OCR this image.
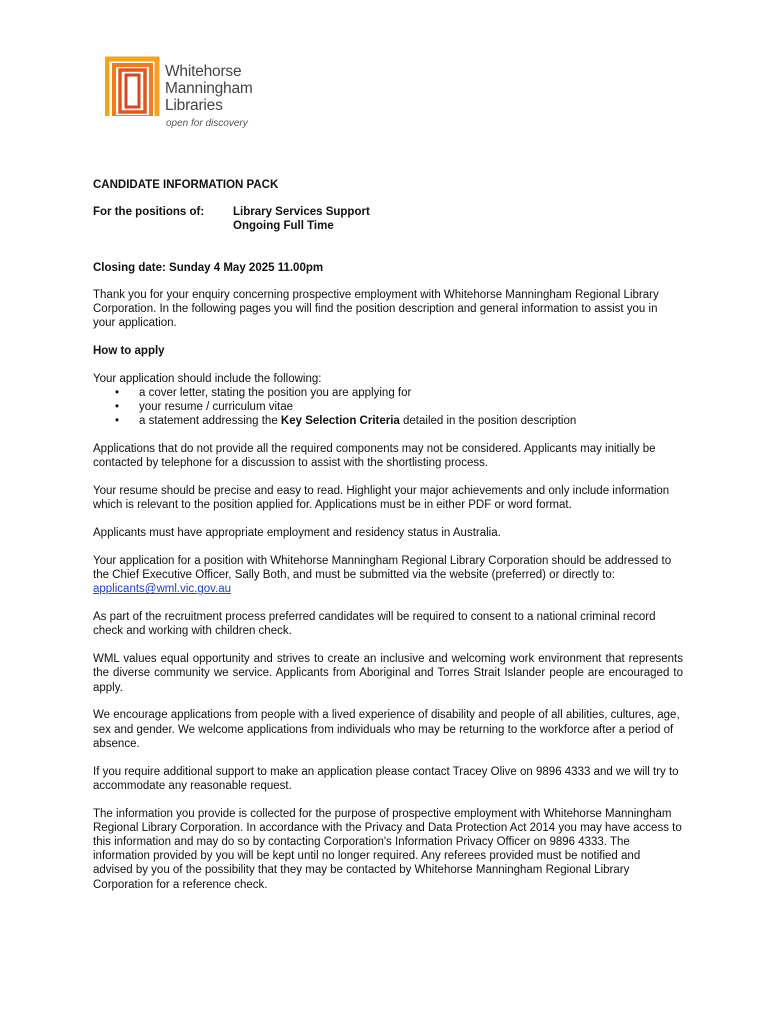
Whitehorse
Manningham
Libraries
open for discovery

CANDIDATE INFORMATION PACK

For the positions of:	Library Services Support
Ongoing Full Time

Closing date: Sunday 4 May 2025 11.00pm

Thank you for your enquiry concerning prospective employment with Whitehorse Manningham Regional Library Corporation. In the following pages you will find the position description and general information to assist you in your application.

How to apply

Your application should include the following:

• a cover letter, stating the position you are applying for
• your resume / curriculum vitae
• a statement addressing the Key Selection Criteria detailed in the position description

Applications that do not provide all the required components may not be considered. Applicants may initially be contacted by telephone for a discussion to assist with the shortlisting process.

Your resume should be precise and easy to read. Highlight your major achievements and only include information which is relevant to the position applied for. Applications must be in either PDF or word format.

Applicants must have appropriate employment and residency status in Australia.

Your application for a position with Whitehorse Manningham Regional Library Corporation should be addressed to the Chief Executive Officer, Sally Both, and must be submitted via the website (preferred) or directly to: applicants@wml.vic.gov.au

As part of the recruitment process preferred candidates will be required to consent to a national criminal record check and working with children check.

WML values equal opportunity and strives to create an inclusive and welcoming work environment that represents the diverse community we service. Applicants from Aboriginal and Torres Strait Islander people are encouraged to apply.

We encourage applications from people with a lived experience of disability and people of all abilities, cultures, age, sex and gender. We welcome applications from individuals who may be returning to the workforce after a period of absence.

If you require additional support to make an application please contact Tracey Olive on 9896 4333 and we will try to accommodate any reasonable request.

The information you provide is collected for the purpose of prospective employment with Whitehorse Manningham Regional Library Corporation. In accordance with the Privacy and Data Protection Act 2014 you may have access to this information and may do so by contacting Corporation's Information Privacy Officer on 9896 4333. The information provided by you will be kept until no longer required. Any referees provided must be notified and advised by you of the possibility that they may be contacted by Whitehorse Manningham Regional Library Corporation for a reference check.
